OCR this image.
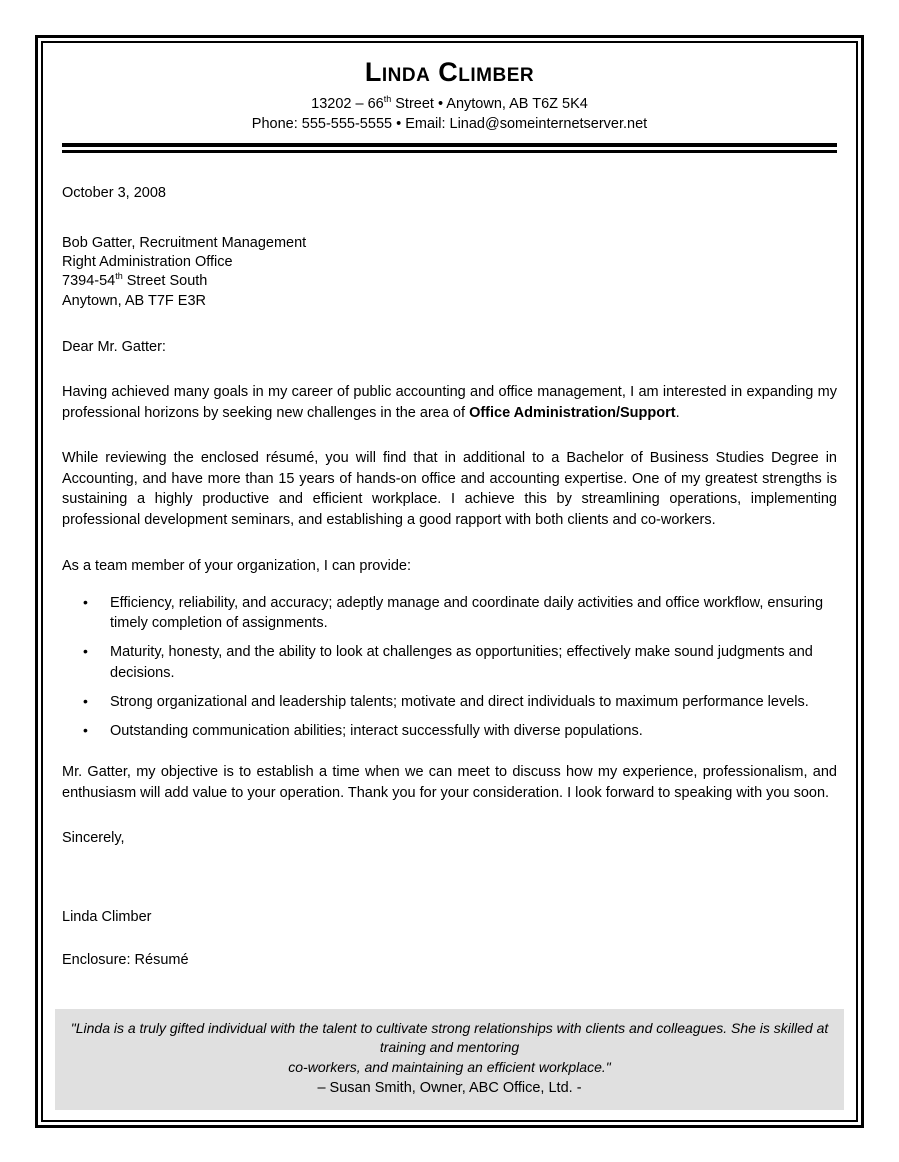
Linda Climber
13202 – 66th Street • Anytown, AB T6Z 5K4
Phone: 555-555-5555 • Email: Linad@someinternetserver.net
October 3, 2008
Bob Gatter, Recruitment Management
Right Administration Office
7394-54th Street South
Anytown, AB T7F E3R
Dear Mr. Gatter:
Having achieved many goals in my career of public accounting and office management, I am interested in expanding my professional horizons by seeking new challenges in the area of Office Administration/Support.
While reviewing the enclosed résumé, you will find that in additional to a Bachelor of Business Studies Degree in Accounting, and have more than 15 years of hands-on office and accounting expertise. One of my greatest strengths is sustaining a highly productive and efficient workplace. I achieve this by streamlining operations, implementing professional development seminars, and establishing a good rapport with both clients and co-workers.
As a team member of your organization, I can provide:
• Efficiency, reliability, and accuracy; adeptly manage and coordinate daily activities and office workflow, ensuring timely completion of assignments.
• Maturity, honesty, and the ability to look at challenges as opportunities; effectively make sound judgments and decisions.
• Strong organizational and leadership talents; motivate and direct individuals to maximum performance levels.
• Outstanding communication abilities; interact successfully with diverse populations.
Mr. Gatter, my objective is to establish a time when we can meet to discuss how my experience, professionalism, and enthusiasm will add value to your operation. Thank you for your consideration. I look forward to speaking with you soon.
Sincerely,
Linda Climber
Enclosure: Résumé
"Linda is a truly gifted individual with the talent to cultivate strong relationships with clients and colleagues. She is skilled at training and mentoring
co-workers, and maintaining an efficient workplace."
– Susan Smith, Owner, ABC Office, Ltd. -
